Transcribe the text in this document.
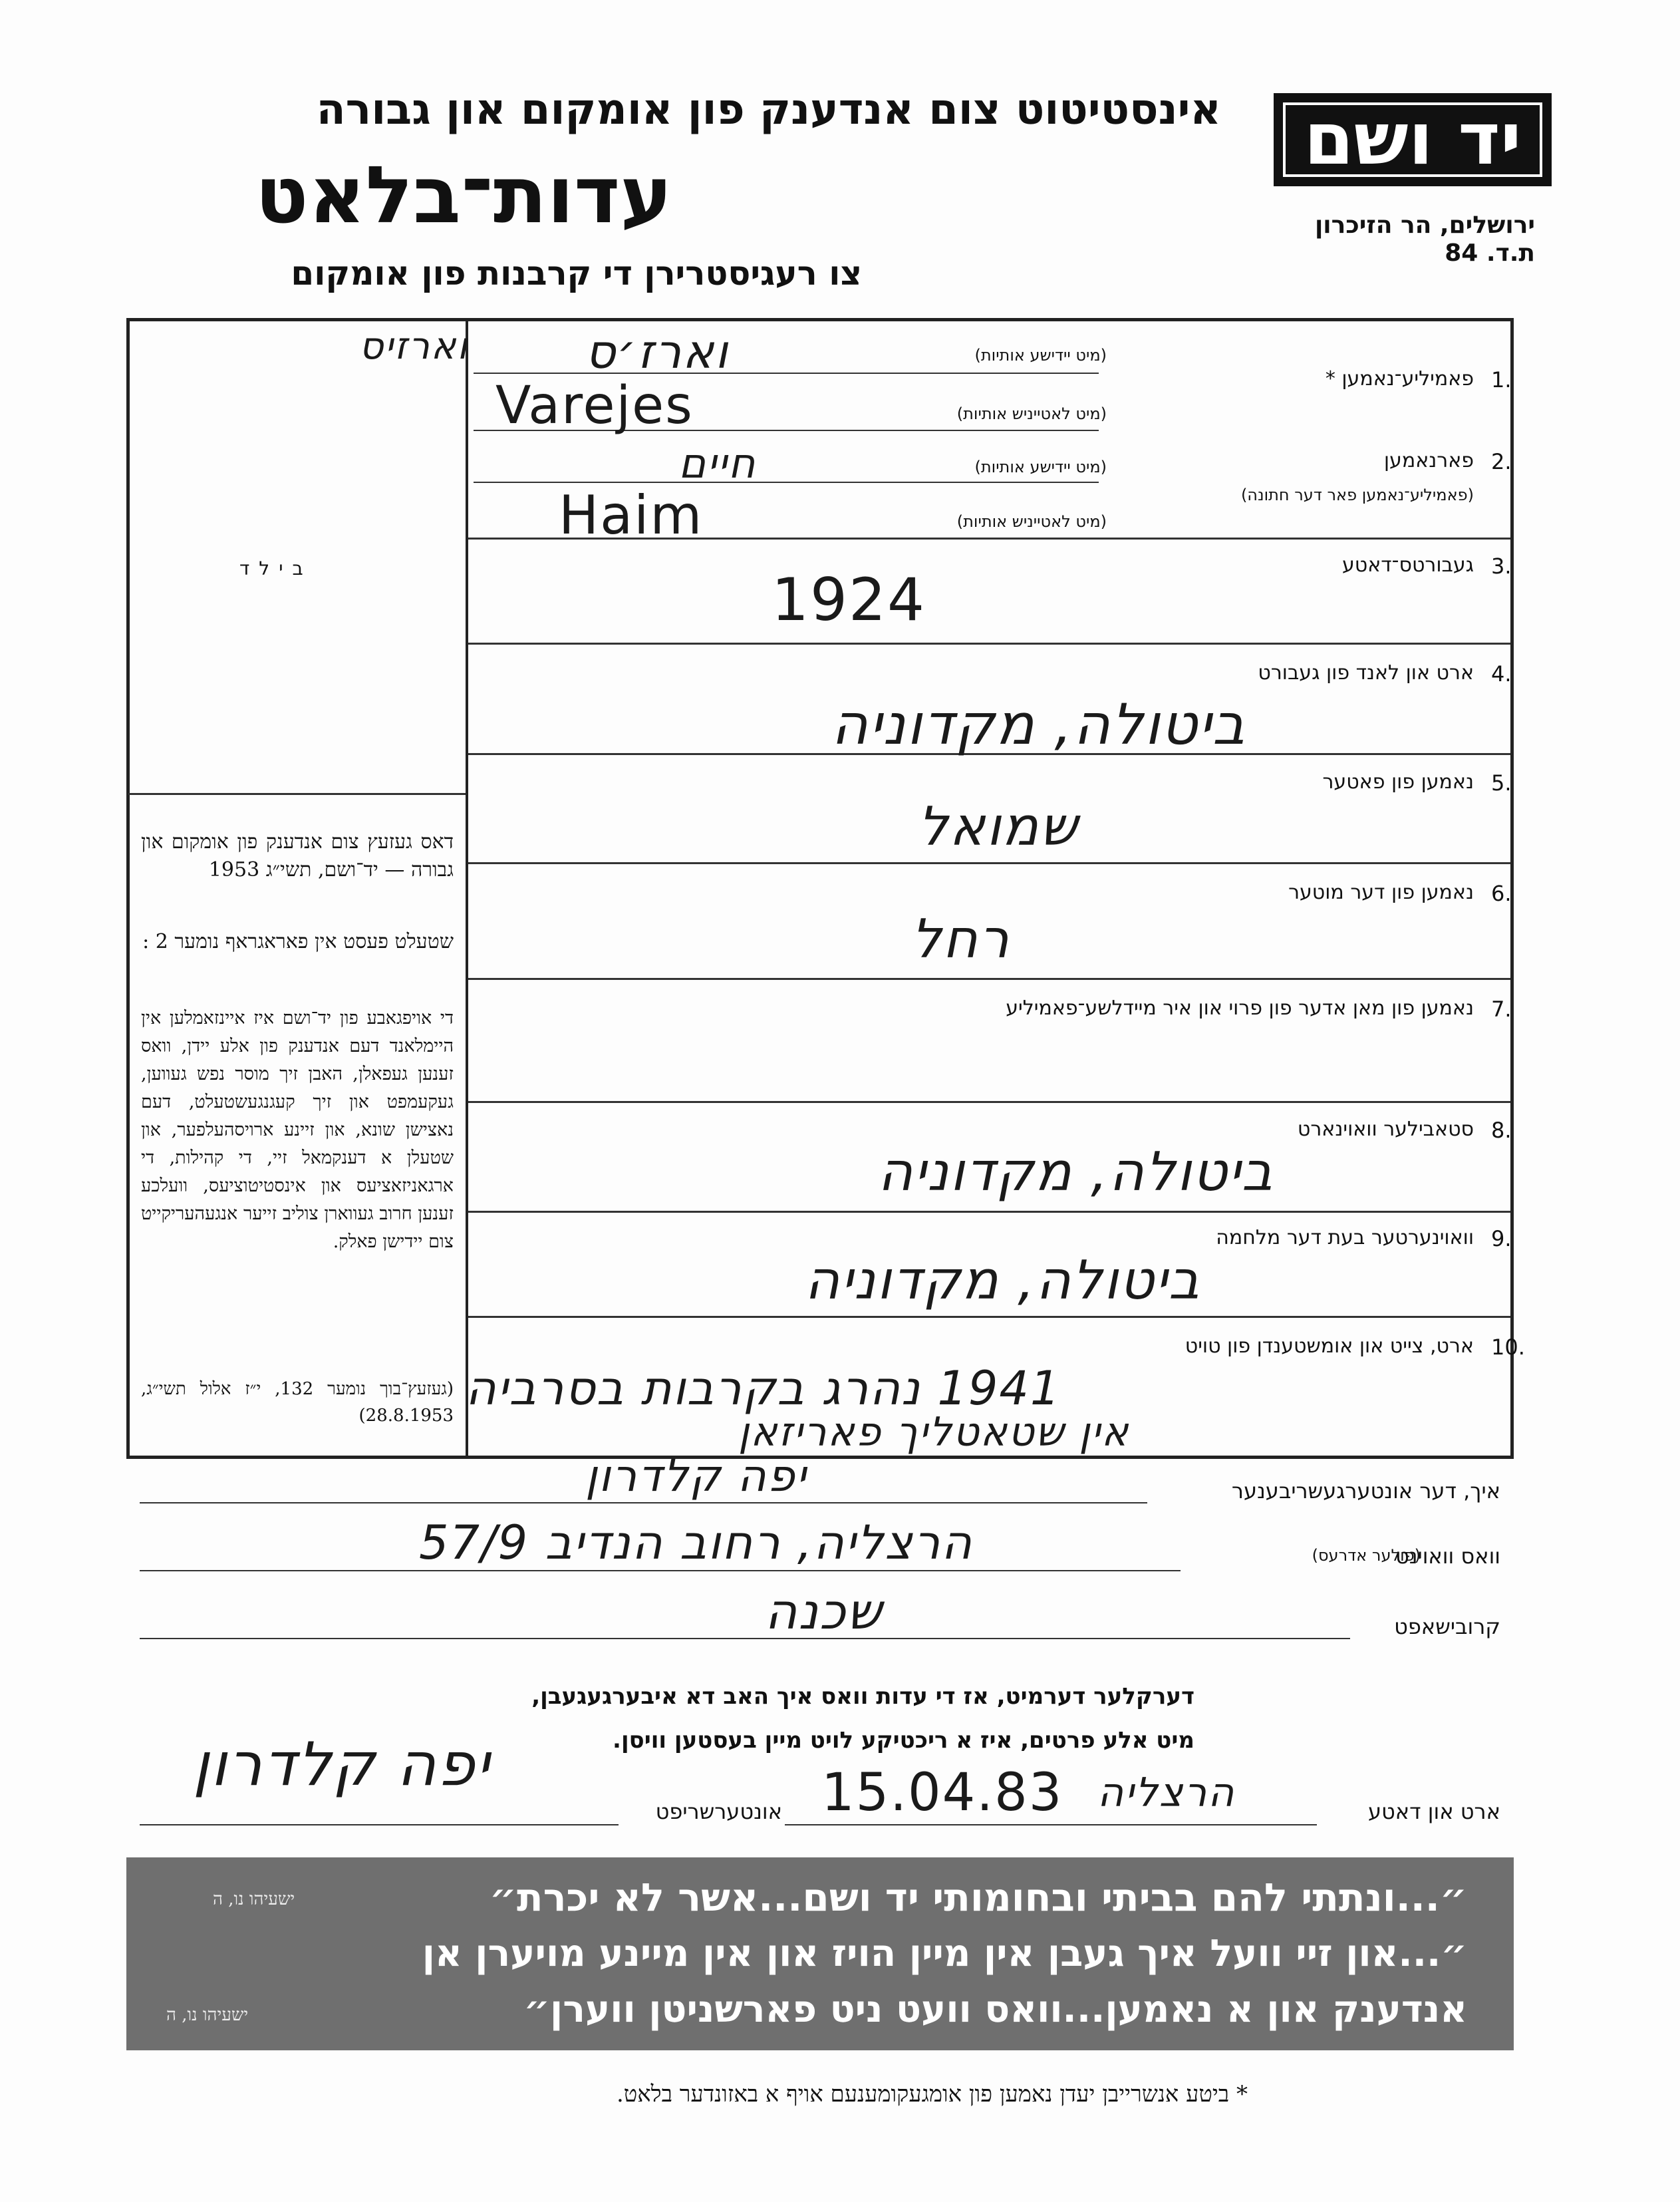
אינסטיטוט צום אנדענק פון אומקום און גבורה
עדות־בלאט
צו רעגיסטרירן די קרבנות פון אומקום
יד ושם
ירושלים, הר הזיכרון
ת.ד. 84
בילד
דאס געזעץ צום אנדענק פון אומקום און גבורה — יד־ושם, תשי״ג 1953
שטעלט פעסט אין פאראגראף נומער 2 :
די אויפגאבע פון יד־ושם איז איינזאמלען אין היימלאנד דעם אנדענק פון אלע יידן, וואס זענען געפאלן, האבן זיך מוסר נפש געווען, געקעמפט און זיך קעגנגעשטעלט, דעם נאצישן שונא, און זיינע ארויסהעלפער, און שטעלן א דענקמאל זיי, די קהילות, די ארגאניזאציעס און אינסטיטוציעס, וועלכע זענען חרוב געווארן צוליב זייער אנגעהעריקייט צום יידישן פאלק.
(געזעץ־בוך נומער 132, י״ז אלול תשי״ג, 28.8.1953)
1.
פאמיליע־נאמען *
(מיט יידישע אותיות)
וארז׳ס
וארזיס
(מיט לאטייניש אותיות)
Varejes
2.
פארנאמען
(פאמיליע־נאמען פאר דער חתונה)
(מיט יידישע אותיות)
חיים
(מיט לאטייניש אותיות)
Haim
3.
געבורטס־דאטע
1924
4.
ארט און לאנד פון געבורט
ביטולה, מקדוניה
5.
נאמען פון פאטער
שמואל
6.
נאמען פון דער מוטער
רחל
7.
נאמען פון מאן אדער פון פרוי און איר מיידלשע־פאמיליע
8.
סטאבילער וואוינארט
ביטולה, מקדוניה
9.
וואוינערטער בעת דער מלחמה
ביטולה, מקדוניה
10.
ארט, צייט און אומשטענדן פון טויט
1941 נהרג בקרבות בסרביה
אין שטאטליך פאריזאן
איך, דער אונטערגעשריבענער
יפה קלדרון
וואס וואוינט
(פולער אדרעס)
הרצליה, רחוב הנדיב 57/9
קרובישאפט
שכנה
דערקלער דערמיט, אז די עדות וואס איך האב דא איבערגעגעבן,
מיט אלע פרטים, איז א ריכטיקע לויט מיין בעסטען וויסן.
ארט און דאטע
הרצליה
15.04.83
אונטערשריפט
יפה קלדרון
״...ונתתי להם בביתי ובחומותי יד ושם...אשר לא יכרת״
ישעיהו נו, ה
״...און זיי וועל איך געבן אין מיין הויז און אין מיינע מויערן אן
אנדענק און א נאמען...וואס וועט ניט פארשניטן ווערן״
ישעיהו נו, ה
* ביטע אנשרייבן יעדן נאמען פון אומגעקומענעם אויף א באזונדער בלאט.
